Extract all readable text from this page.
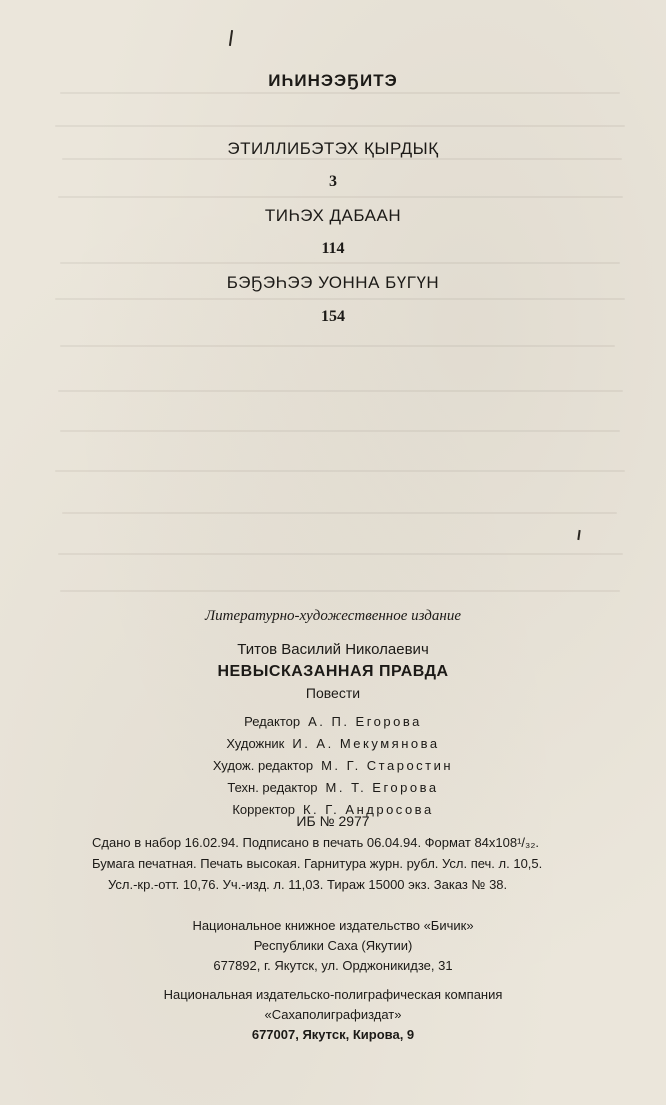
ИҺИНЭЭҔИТЭ
ЭТИЛЛИБЭТЭХ ҚЫРДЫҚ
3
ТИҺЭХ ДАБААН
114
БЭҔЭҺЭЭ УОННА БҮГҮН
154
Литературно-художественное издание
Титов Василий Николаевич
НЕВЫСКАЗАННАЯ ПРАВДА
Повести
Редактор А. П. Егорова
Художник И. А. Мекумянова
Худож. редактор М. Г. Старостин
Техн. редактор М. Т. Егорова
Корректор К. Г. Андросова
ИБ № 2977
Сдано в набор 16.02.94. Подписано в печать 06.04.94. Формат 84x108¹/₃₂.
Бумага печатная. Печать высокая. Гарнитура журн. рубл. Усл. печ. л. 10,5.
Усл.-кр.-отт. 10,76. Уч.-изд. л. 11,03. Тираж 15000 экз. Заказ № 38.
Национальное книжное издательство «Бичик»
Республики Саха (Якутии)
677892, г. Якутск, ул. Орджоникидзе, 31
Национальная издательско-полиграфическая компания
«Сахаполиграфиздат»
677007, Якутск, Кирова, 9
